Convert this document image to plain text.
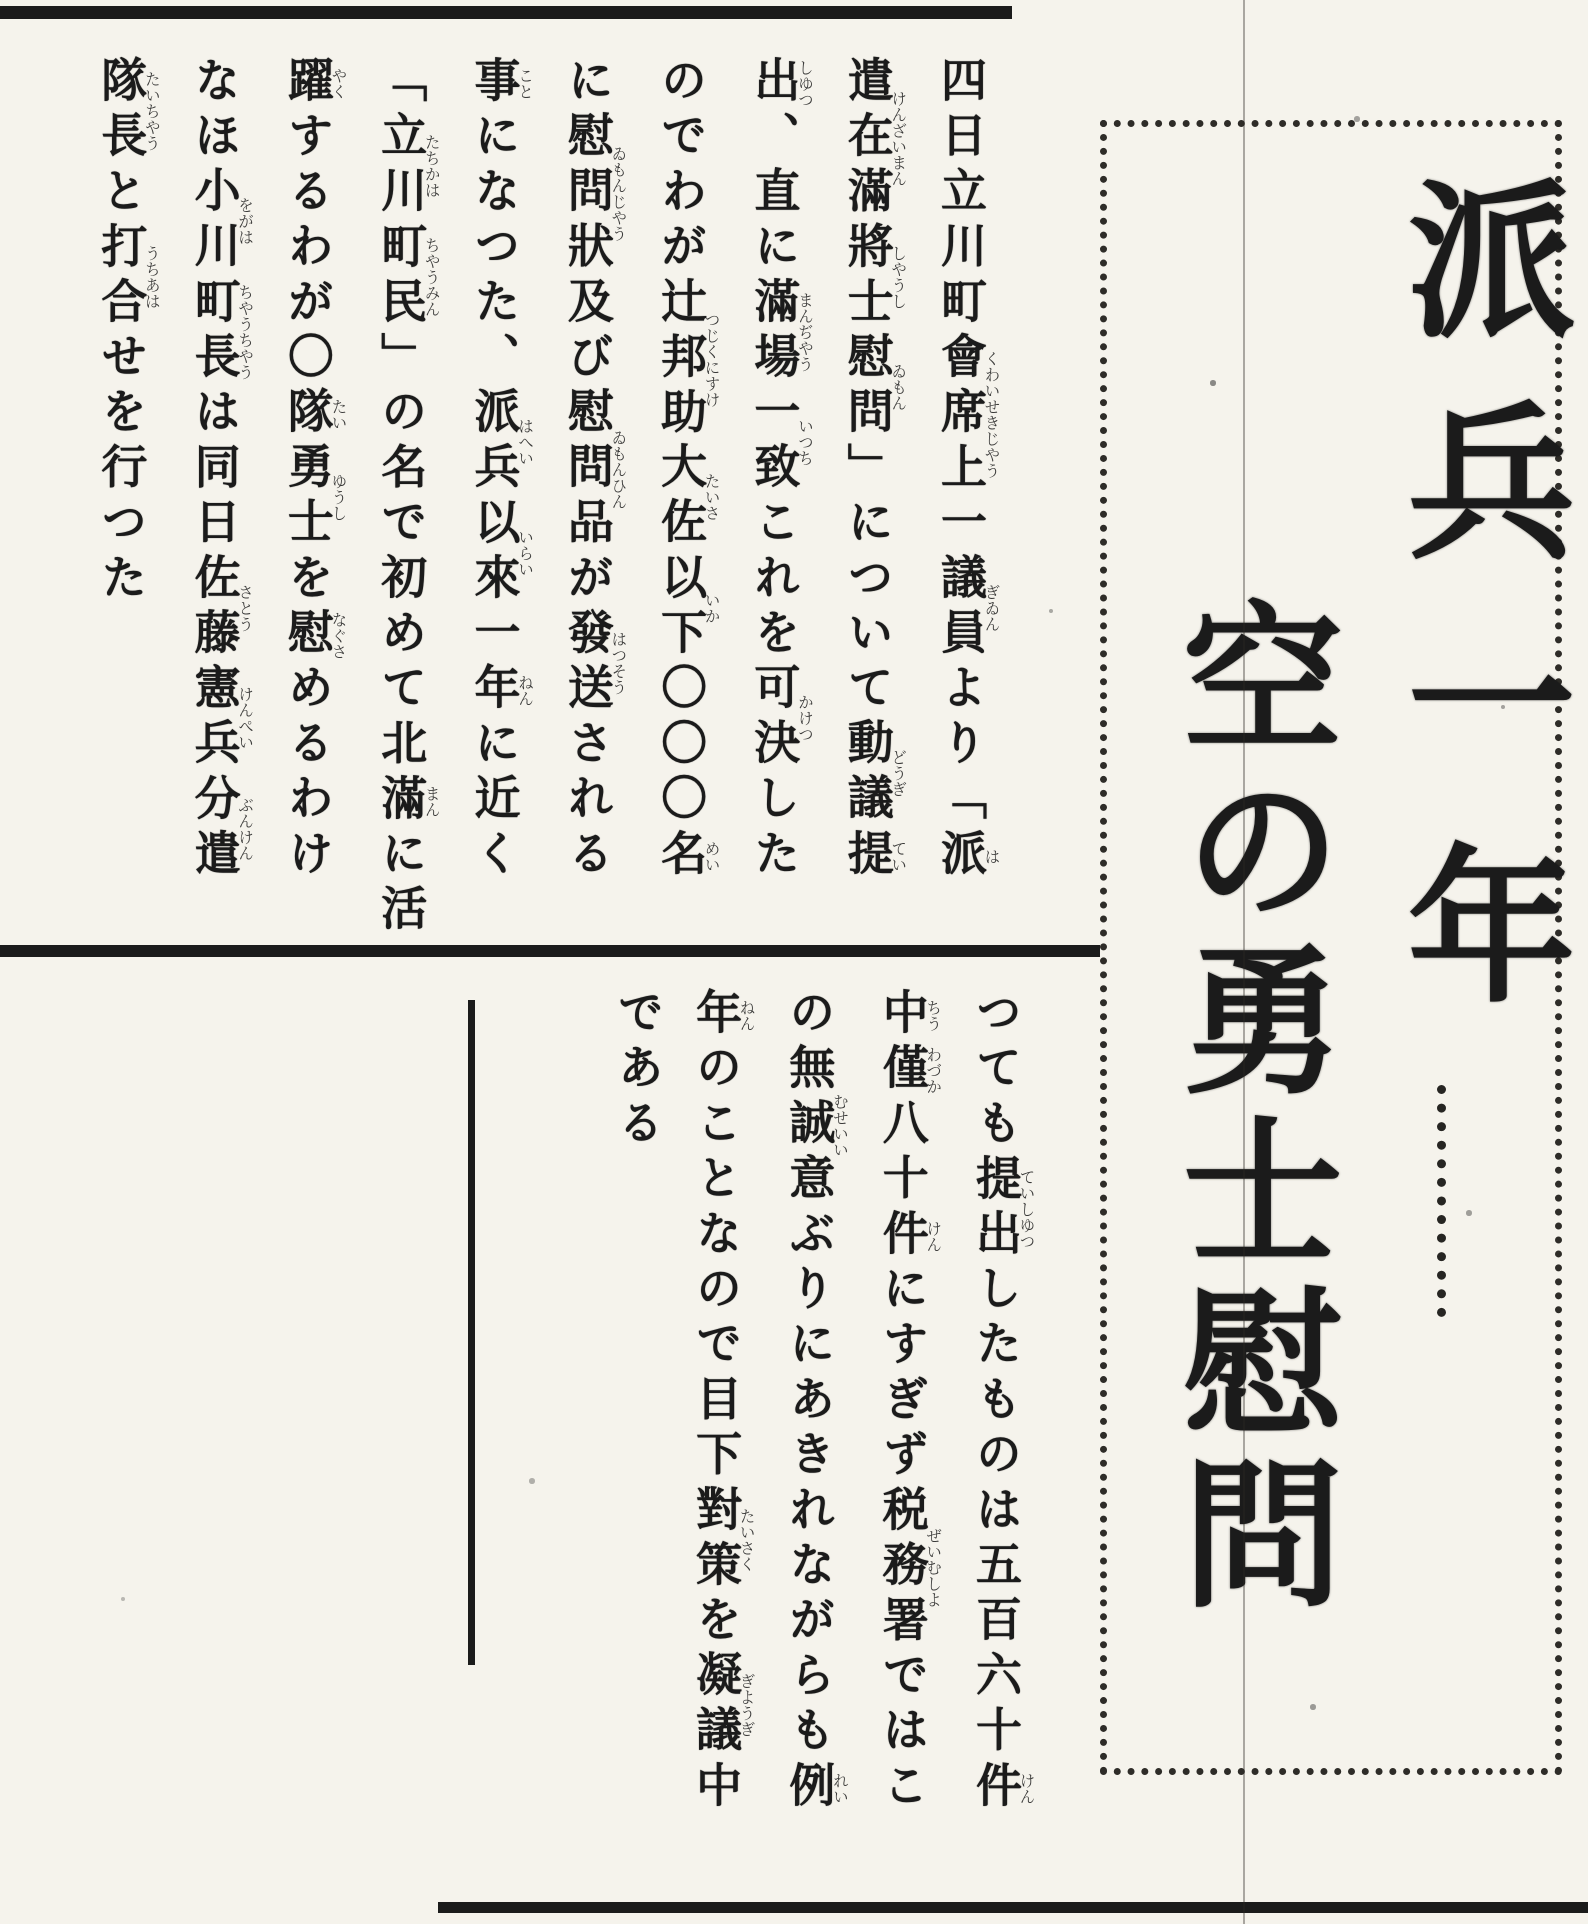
四日立川町會席上くわいせきじやう一議員ぎゐんより「派は
遣在滿けんざいまん將士しやうし慰問ゐもん」について動議どうぎ提てい
出しゆつ、直に滿場まんぢやう一致いつちこれを可決かけつした
のでわが辻邦助つじくにすけ大佐たいさ以下いか〇〇〇名めい
に慰問狀ゐもんじやう及び慰問品ゐもんひんが發送はつそうされる
事ことになつた、派兵はへい以來いらい一年ねんに近く
「立川たちかは町民ちやうみん」の名で初めて北滿まんに活
躍やくするわが〇隊たい勇士ゆうしを慰なぐさめるわけ
なほ小川をがは町長ちやうちやうは同日佐藤さとう憲兵けんぺい分遣ぶんけん
隊長たいちやうと打合うちあはせを行つた	派兵一年
空の勇士慰問
つても提出ていしゆつしたものは五百六十件けん
中ちう僅わづか八十件けんにすぎず税務署ぜいむしよではこ
の無誠意むせいいぶりにあきれながらも例れい
年ねんのことなので目下對策たいさくを凝議ぎようぎ中
である
